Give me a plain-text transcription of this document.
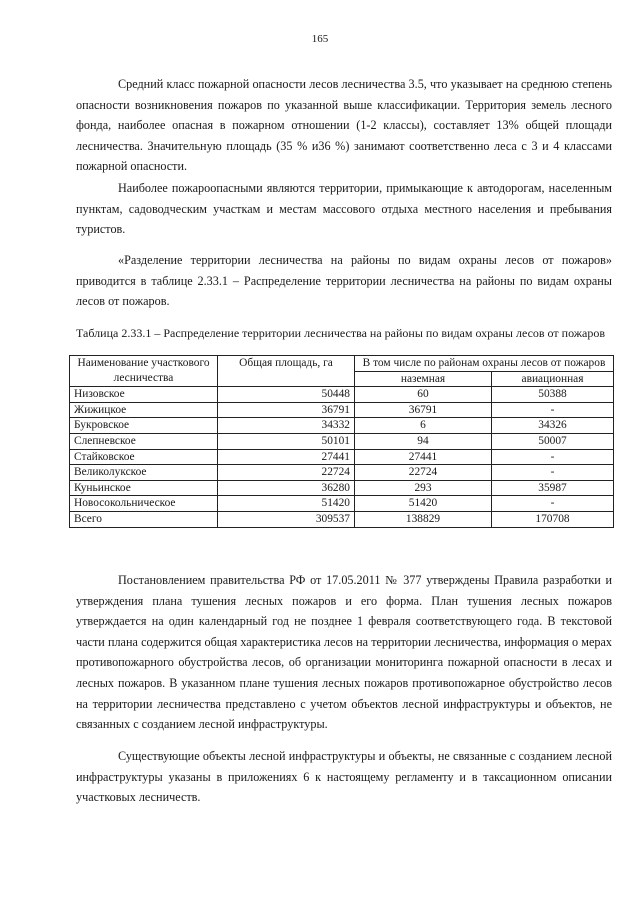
165

Средний класс пожарной опасности лесов лесничества 3.5, что указывает на среднюю степень опасности возникновения пожаров по указанной выше классификации. Территория земель лесного фонда, наиболее опасная в пожарном отношении (1-2 классы), составляет 13% общей площади лесничества. Значительную площадь (35 % и36 %) занимают соответственно леса с 3 и 4 классами пожарной опасности.

Наиболее пожароопасными являются территории, примыкающие к автодорогам, населенным пунктам, садоводческим участкам и местам массового отдыха местного населения и пребывания туристов.

«Разделение территории лесничества на районы по видам охраны лесов от пожаров» приводится в таблице 2.33.1 – Распределение территории лесничества на районы по видам охраны лесов от пожаров.

Таблица 2.33.1 – Распределение территории лесничества на районы по видам охраны лесов от пожаров

Наименование участкового лесничества	Общая площадь, га	В том числе по районам охраны лесов от пожаров	
		наземная	авиационная
Низовское	50448	60	50388
Жижицкое	36791	36791	-
Букровское	34332	6	34326
Слепневское	50101	94	50007
Стайковское	27441	27441	-
Великолукское	22724	22724	-
Куньинское	36280	293	35987
Новосокольническое	51420	51420	-
Всего	309537	138829	170708

Постановлением правительства РФ от 17.05.2011 № 377 утверждены Правила разработки и утверждения плана тушения лесных пожаров и его форма. План тушения лесных пожаров утверждается на один календарный год не позднее 1 февраля соответствующего года. В текстовой части плана содержится общая характеристика лесов на территории лесничества, информация о мерах противопожарного обустройства лесов, об организации мониторинга пожарной опасности в лесах и лесных пожаров. В указанном плане тушения лесных пожаров противопожарное обустройство лесов на территории лесничества представлено с учетом объектов лесной инфраструктуры и объектов, не связанных с созданием лесной инфраструктуры.

Существующие объекты лесной инфраструктуры и объекты, не связанные с созданием лесной инфраструктуры указаны в приложениях 6 к настоящему регламенту и в таксационном описании участковых лесничеств.
